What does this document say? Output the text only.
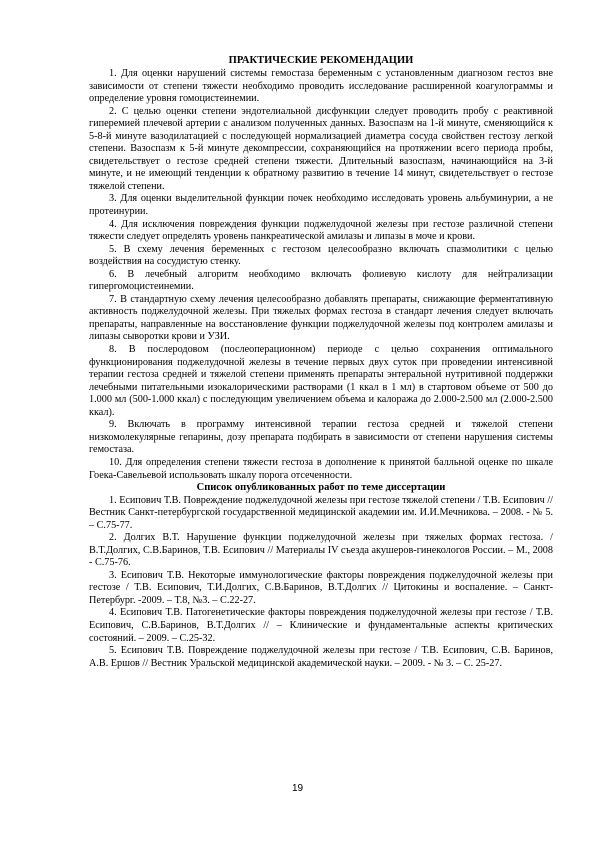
ПРАКТИЧЕСКИЕ РЕКОМЕНДАЦИИ

1. Для оценки нарушений системы гемостаза беременным с установленным диагнозом гестоз вне зависимости от степени тяжести необходимо проводить исследование расширенной коагулограммы и определение уровня гомоцистеинемии.

2. С целью оценки степени эндотелиальной дисфункции следует проводить пробу с реактивной гиперемией плечевой артерии с анализом полученных данных. Вазоспазм на 1-й минуте, сменяющийся к 5-8-й минуте вазодилатацией с последующей нормализацией диаметра сосуда свойствен гестозу легкой степени. Вазоспазм к 5-й минуте декомпрессии, сохраняющийся на протяжении всего периода пробы, свидетельствует о гестозе средней степени тяжести. Длительный вазоспазм, начинающийся на 3-й минуте, и не имеющий тенденции к обратному развитию в течение 14 минут, свидетельствует о гестозе тяжелой степени.

3. Для оценки выделительной функции почек необходимо исследовать уровень альбуминурии, а не протеинурии.

4. Для исключения повреждения функции поджелудочной железы при гестозе различной степени тяжести следует определять уровень панкреатической амилазы и липазы в моче и крови.

5. В схему лечения беременных с гестозом целесообразно включать спазмолитики с целью воздействия на сосудистую стенку.

6. В лечебный алгоритм необходимо включать фолиевую кислоту для нейтрализации гипергомоцистеинемии.

7. В стандартную схему лечения целесообразно добавлять препараты, снижающие ферментативную активность поджелудочной железы. При тяжелых формах гестоза в стандарт лечения следует включать препараты, направленные на восстановление функции поджелудочной железы под контролем амилазы и липазы сыворотки крови и УЗИ.

8. В послеродовом (послеоперационном) периоде с целью сохранения оптимального функционирования поджелудочной железы в течение первых двух суток при проведении интенсивной терапии гестоза средней и тяжелой степени применять препараты энтеральной нутритивной поддержки лечебными питательными изокалорическими растворами (1 ккал в 1 мл) в стартовом объеме от 500 до 1.000 мл (500-1.000 ккал) с последующим увеличением объема и калоража до 2.000-2.500 мл (2.000-2.500 ккал).

9. Включать в программу интенсивной терапии гестоза средней и тяжелой степени низкомолекулярные гепарины, дозу препарата подбирать в зависимости от степени нарушения системы гемостаза.

10. Для определения степени тяжести гестоза в дополнение к принятой балльной оценке по шкале Гоека-Савельевой использовать шкалу порога отсеченности.

Список опубликованных работ по теме диссертации

1. Есипович Т.В. Повреждение поджелудочной железы при гестозе тяжелой степени / Т.В. Есипович // Вестник Санкт-петербургской государственной медицинской академии им. И.И.Мечникова. – 2008. - № 5. – С.75-77.

2. Долгих В.Т. Нарушение функции поджелудочной железы при тяжелых формах гестоза. / В.Т.Долгих, С.В.Баринов, Т.В. Есипович // Материалы IV съезда акушеров-гинекологов России. – М., 2008 - С.75-76.

3. Есипович Т.В. Некоторые иммунологические факторы повреждения поджелудочной железы при гестозе / Т.В. Есипович, Т.И.Долгих, С.В.Баринов, В.Т.Долгих // Цитокины и воспаление. – Санкт-Петербург. -2009. – Т.8, №3. – С.22-27.

4. Есипович Т.В. Патогенетические факторы повреждения поджелудочной железы при гестозе / Т.В. Есипович, С.В.Баринов, В.Т.Долгих // – Клинические и фундаментальные аспекты критических состояний. – 2009. – С.25-32.

5. Есипович Т.В. Повреждение поджелудочной железы при гестозе / Т.В. Есипович, С.В. Баринов, А.В. Ершов // Вестник Уральской медицинской академической науки. – 2009. - № 3. – С. 25-27.

19
